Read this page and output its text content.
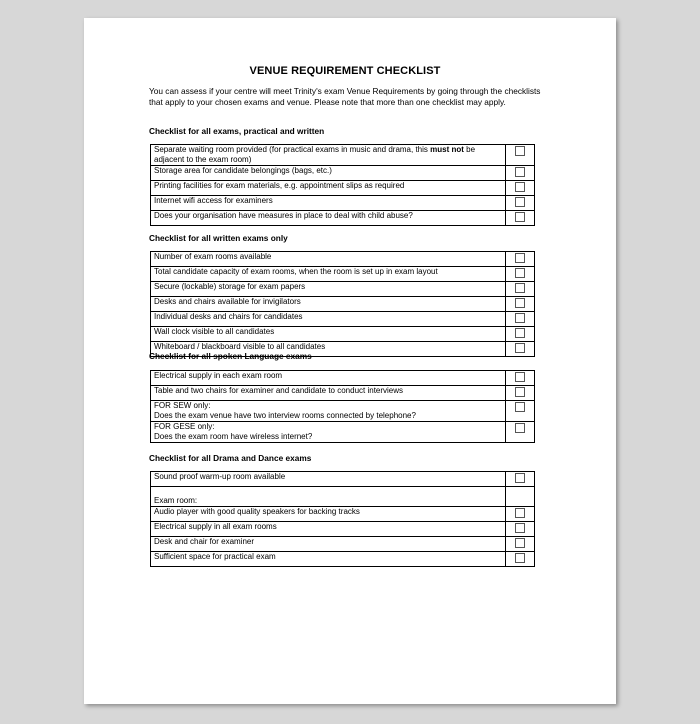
VENUE REQUIREMENT CHECKLIST
You can assess if your centre will meet Trinity's exam Venue Requirements by going through the checklists that apply to your chosen exams and venue. Please note that more than one checklist may apply.
Checklist for all exams, practical and written
Separate waiting room provided (for practical exams in music and drama, this must not be adjacent to the exam room)	
Storage area for candidate belongings (bags, etc.)	
Printing facilities for exam materials, e.g. appointment slips as required	
Internet wifi access for examiners	
Does your organisation have measures in place to deal with child abuse?	
Checklist for all written exams only
Number of exam rooms available	
Total candidate capacity of exam rooms, when the room is set up in exam layout	
Secure (lockable) storage for exam papers	
Desks and chairs available for invigilators	
Individual desks and chairs for candidates	
Wall clock visible to all candidates	
Whiteboard / blackboard visible to all candidates	
Checklist for all spoken Language exams
Electrical supply in each exam room	
Table and two chairs for examiner and candidate to conduct interviews	

FOR SEW only:
Does the exam venue have two interview rooms connected by telephone?	

FOR GESE only:
Does the exam room have wireless internet?	

Checklist for all Drama and Dance exams
Sound proof warm-up room available	

Exam room:	
Audio player with good quality speakers for backing tracks	
Electrical supply in all exam rooms	
Desk and chair for examiner	
Sufficient space for practical exam	
